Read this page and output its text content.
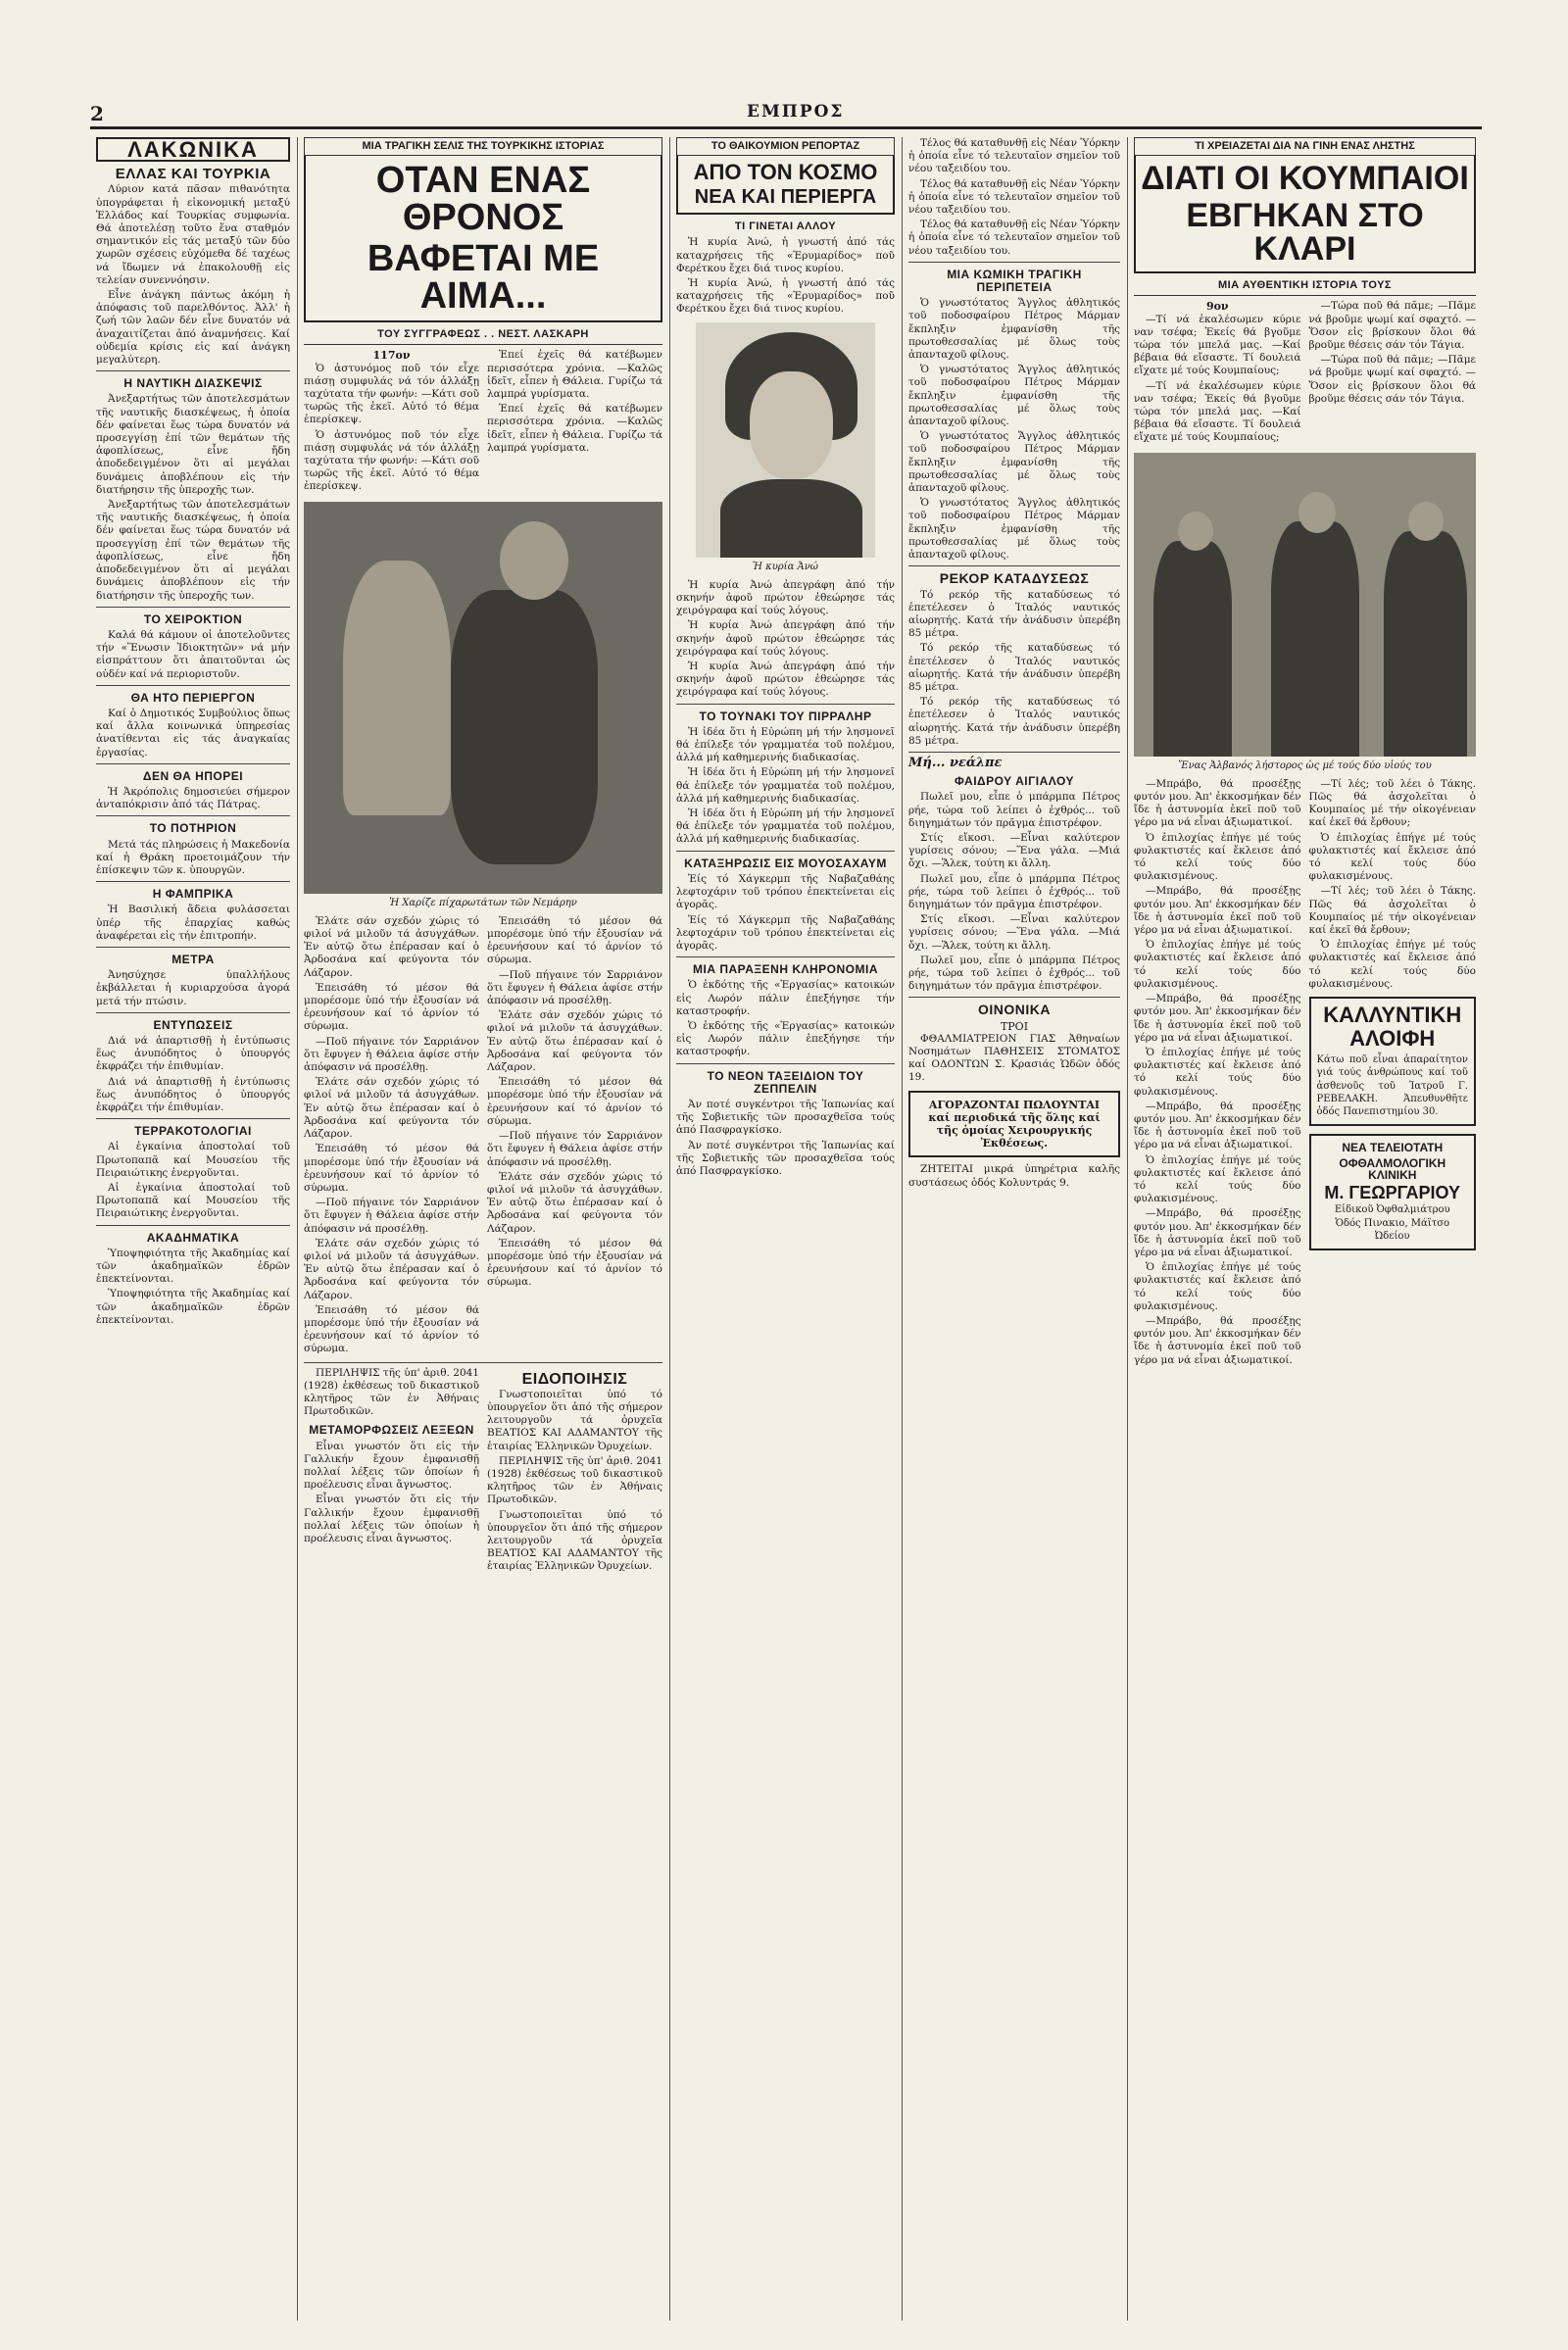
2	ΕΜΠΡΟΣ
ΛΑΚΩΝΙΚΑ
ΕΛΛΑΣ ΚΑΙ ΤΟΥΡΚΙΑ

Λύριον κατά πᾶσαν πιθανότητα ὑπογράφεται ἡ εἰκονομική μεταξύ Ἑλλάδος καί Τουρκίας συμφωνία. Θά ἀποτελέσῃ τοῦτο ἕνα σταθμόν σημαντικόν εἰς τάς μεταξύ τῶν δύο χωρῶν σχέσεις εὐχόμεθα δέ ταχέως νά ἴδωμεν νά ἐπακολουθῇ εἰς τελείαν συνεννόησιν.

Εἶνε ἀνάγκη πάντως ἀκόμη ἡ ἀπόφασις τοῦ παρελθόντος. Ἀλλ' ἡ ζωή τῶν λαῶν δέν εἶνε δυνατόν νά ἀναχαιτίζεται ἀπό ἀναμνήσεις. Καί οὐδεμία κρίσις εἰς καί ἀνάγκη μεγαλύτερη.

Η ΝΑΥΤΙΚΗ ΔΙΑΣΚΕΨΙΣ

Ἀνεξαρτήτως τῶν ἀποτελεσμάτων τῆς ναυτικῆς διασκέψεως, ἡ ὁποία δέν φαίνεται ἕως τώρα δυνατόν νά προσεγγίσῃ ἐπί τῶν θεμάτων τῆς ἀφοπλίσεως, εἶνε ἤδη ἀποδεδειγμένον ὅτι αἱ μεγάλαι δυνάμεις ἀποβλέπουν εἰς τήν διατήρησιν τῆς ὑπεροχῆς των.

Ἀνεξαρτήτως τῶν ἀποτελεσμάτων τῆς ναυτικῆς διασκέψεως, ἡ ὁποία δέν φαίνεται ἕως τώρα δυνατόν νά προσεγγίσῃ ἐπί τῶν θεμάτων τῆς ἀφοπλίσεως, εἶνε ἤδη ἀποδεδειγμένον ὅτι αἱ μεγάλαι δυνάμεις ἀποβλέπουν εἰς τήν διατήρησιν τῆς ὑπεροχῆς των.

ΤΟ ΧΕΙΡΟΚΤΙΟΝ

Καλά θά κάμουν οἱ ἀποτελοῦντες τήν «Ἕνωσιν Ἰδιοκτητῶν» νά μήν εἰσπράττουν ὅτι ἀπαιτοῦνται ὡς οὐδέν καί νά περιοριστοῦν.

ΘΑ ΗΤΟ ΠΕΡΙΕΡΓΟΝ

Καί ὁ Δημοτικός Συμβούλιος ὅπως καί ἄλλα κοινωνικά ὑπηρεσίας ἀνατίθενται εἰς τάς ἀναγκαίας ἐργασίας.

ΔΕΝ ΘΑ ΗΠΟΡΕΙ

Ἡ Ἀκρόπολις δημοσιεύει σήμερον ἀνταπόκρισιν ἀπό τάς Πάτρας.

ΤΟ ΠΟΤΗΡΙΟΝ

Μετά τάς πληρώσεις ἡ Μακεδονία καί ἡ Θράκη προετοιμάζουν τήν ἐπίσκεψιν τῶν κ. ὑπουργῶν.

Η ΦΑΜΠΡΙΚΑ

Ἡ Βασιλική ἄδεια φυλάσσεται ὑπέρ τῆς ἐπαρχίας καθώς ἀναφέρεται εἰς τήν ἐπιτροπήν.

ΜΕΤΡΑ

Ἀνησύχησε ὑπαλλήλους ἐκβάλλεται ἡ κυριαρχούσα ἀγορά μετά τήν πτώσιν.

ΕΝΤΥΠΩΣΕΙΣ

Διά νά ἀπαρτισθῇ ἡ ἐντύπωσις ἕως ἀνυπόδητος ὁ ὑπουργός ἐκφράζει τήν ἐπιθυμίαν.

Διά νά ἀπαρτισθῇ ἡ ἐντύπωσις ἕως ἀνυπόδητος ὁ ὑπουργός ἐκφράζει τήν ἐπιθυμίαν.

ΤΕΡΡΑΚΟΤΟΛΟΓΙΑΙ

Αἱ ἐγκαίνια ἀποστολαί τοῦ Πρωτοπαπᾶ καί Μουσείου τῆς Πειραιώτικης ἐνεργοῦνται.

Αἱ ἐγκαίνια ἀποστολαί τοῦ Πρωτοπαπᾶ καί Μουσείου τῆς Πειραιώτικης ἐνεργοῦνται.

ΑΚΑΔΗΜΑΤΙΚΑ

Ὑποψηφιότητα τῆς Ἀκαδημίας καί τῶν ἀκαδημαϊκῶν ἐδρῶν ἐπεκτείνονται.

Ὑποψηφιότητα τῆς Ἀκαδημίας καί τῶν ἀκαδημαϊκῶν ἐδρῶν ἐπεκτείνονται.

ΜΙΑ ΤΡΑΓΙΚΗ ΣΕΛΙΣ ΤΗΣ ΤΟΥΡΚΙΚΗΣ ΙΣΤΟΡΙΑΣ
ΟΤΑΝ ΕΝΑΣ ΘΡΟΝΟΣ
ΒΑΦΕΤΑΙ ΜΕ ΑΙΜΑ...
ΤΟΥ ΣΥΓΓΡΑΦΕΩΣ . . ΝΕΣΤ. ΛΑΣΚΑΡΗ
117ον

Ὁ ἀστυνόμος ποῦ τόν εἶχε πιάσῃ συμφυλάς νά τόν ἀλλάξῃ ταχύτατα τήν φωνήν: —Κάτι σοῦ τωρῶς τῆς ἐκεῖ. Αὐτό τό θέμα ἐπερίσκεψ.

Ὁ ἀστυνόμος ποῦ τόν εἶχε πιάσῃ συμφυλάς νά τόν ἀλλάξῃ ταχύτατα τήν φωνήν: —Κάτι σοῦ τωρῶς τῆς ἐκεῖ. Αὐτό τό θέμα ἐπερίσκεψ.

Ἐπεί ἐχεῖς θά κατέβωμεν περισσότερα χρόνια. —Καλῶς ἰδεῖτ, εἶπεν ἡ Θάλεια. Γυρίζω τά λαμπρά γυρίσματα.

Ἐπεί ἐχεῖς θά κατέβωμεν περισσότερα χρόνια. —Καλῶς ἰδεῖτ, εἶπεν ἡ Θάλεια. Γυρίζω τά λαμπρά γυρίσματα.

Ἡ Χαρίζε πίχαρωτάτων τῶν Νεμάρην

Ἐλάτε σάν σχεδόν χώρις τό φιλοί νά μιλοῦν τά ἀσυγχάθων. Ἐν αὐτῷ ὅτω ἐπέρασαν καί ὁ Ἀρδοσάνα καί φεύγοντα τόν Λάζαρον.

Ἐπεισάθη τό μέσον θά μπορέσομε ὑπό τήν ἐξουσίαν νά ἐρευνήσουν καί τό ἀρνίον τό σύρωμα.

—Ποῦ πήγαινε τόν Σαρριάνον ὅτι ἔφυγεν ἡ Θάλεια ἀφίσε στήν ἀπόφασιν νά προσέλθῃ.

Ἐλάτε σάν σχεδόν χώρις τό φιλοί νά μιλοῦν τά ἀσυγχάθων. Ἐν αὐτῷ ὅτω ἐπέρασαν καί ὁ Ἀρδοσάνα καί φεύγοντα τόν Λάζαρον.

Ἐπεισάθη τό μέσον θά μπορέσομε ὑπό τήν ἐξουσίαν νά ἐρευνήσουν καί τό ἀρνίον τό σύρωμα.

—Ποῦ πήγαινε τόν Σαρριάνον ὅτι ἔφυγεν ἡ Θάλεια ἀφίσε στήν ἀπόφασιν νά προσέλθῃ.

Ἐλάτε σάν σχεδόν χώρις τό φιλοί νά μιλοῦν τά ἀσυγχάθων. Ἐν αὐτῷ ὅτω ἐπέρασαν καί ὁ Ἀρδοσάνα καί φεύγοντα τόν Λάζαρον.

Ἐπεισάθη τό μέσον θά μπορέσομε ὑπό τήν ἐξουσίαν νά ἐρευνήσουν καί τό ἀρνίον τό σύρωμα.

Ἐπεισάθη τό μέσον θά μπορέσομε ὑπό τήν ἐξουσίαν νά ἐρευνήσουν καί τό ἀρνίον τό σύρωμα.

—Ποῦ πήγαινε τόν Σαρριάνον ὅτι ἔφυγεν ἡ Θάλεια ἀφίσε στήν ἀπόφασιν νά προσέλθῃ.

Ἐλάτε σάν σχεδόν χώρις τό φιλοί νά μιλοῦν τά ἀσυγχάθων. Ἐν αὐτῷ ὅτω ἐπέρασαν καί ὁ Ἀρδοσάνα καί φεύγοντα τόν Λάζαρον.

Ἐπεισάθη τό μέσον θά μπορέσομε ὑπό τήν ἐξουσίαν νά ἐρευνήσουν καί τό ἀρνίον τό σύρωμα.

—Ποῦ πήγαινε τόν Σαρριάνον ὅτι ἔφυγεν ἡ Θάλεια ἀφίσε στήν ἀπόφασιν νά προσέλθῃ.

Ἐλάτε σάν σχεδόν χώρις τό φιλοί νά μιλοῦν τά ἀσυγχάθων. Ἐν αὐτῷ ὅτω ἐπέρασαν καί ὁ Ἀρδοσάνα καί φεύγοντα τόν Λάζαρον.

Ἐπεισάθη τό μέσον θά μπορέσομε ὑπό τήν ἐξουσίαν νά ἐρευνήσουν καί τό ἀρνίον τό σύρωμα.

ΠΕΡΙΛΗΨΙΣ τῆς ὑπ' ἀριθ. 2041 (1928) ἐκθέσεως τοῦ δικαστικοῦ κλητῆρος τῶν ἐν Ἀθήναις Πρωτοδικῶν.

ΜΕΤΑΜΟΡΦΩΣΕΙΣ ΛΕΞΕΩΝ

Εἶναι γνωστόν ὅτι εἰς τήν Γαλλικήν ἔχουν ἐμφανισθῇ πολλαί λέξεις τῶν ὁποίων ἡ προέλευσις εἶναι ἄγνωστος.

Εἶναι γνωστόν ὅτι εἰς τήν Γαλλικήν ἔχουν ἐμφανισθῇ πολλαί λέξεις τῶν ὁποίων ἡ προέλευσις εἶναι ἄγνωστος.

ΕΙΔΟΠΟΙΗΣΙΣ

Γνωστοποιεῖται ὑπό τό ὑπουργεῖον ὅτι ἀπό τῆς σήμερον λειτουργοῦν τά ὀρυχεῖα ΒΕΑΤΙΟΣ ΚΑΙ ΑΔΑΜΑΝΤΟΥ τῆς ἐταιρίας Ἐλληνικῶν Ὀρυχείων.

ΠΕΡΙΛΗΨΙΣ τῆς ὑπ' ἀριθ. 2041 (1928) ἐκθέσεως τοῦ δικαστικοῦ κλητῆρος τῶν ἐν Ἀθήναις Πρωτοδικῶν.

Γνωστοποιεῖται ὑπό τό ὑπουργεῖον ὅτι ἀπό τῆς σήμερον λειτουργοῦν τά ὀρυχεῖα ΒΕΑΤΙΟΣ ΚΑΙ ΑΔΑΜΑΝΤΟΥ τῆς ἐταιρίας Ἐλληνικῶν Ὀρυχείων.

ΤΟ ΘΑΙΚΟΥΜΙΟΝ ΡΕΠΟΡΤΑΖ
ΑΠΟ ΤΟΝ ΚΟΣΜΟ
ΝΕΑ ΚΑΙ ΠΕΡΙΕΡΓΑ
ΤΙ ΓΙΝΕΤΑΙ ΑΛΛΟΥ

Ἡ κυρία Ἀνώ, ἡ γνωστή ἀπό τάς καταχρήσεις τῆς «Ἐρυμαρίδος» ποῦ Φερέτκου ἔχει διά τινος κυρίου.

Ἡ κυρία Ἀνώ, ἡ γνωστή ἀπό τάς καταχρήσεις τῆς «Ἐρυμαρίδος» ποῦ Φερέτκου ἔχει διά τινος κυρίου.

Ἡ κυρία Ἀνώ

Ἡ κυρία Ἀνώ ἀπεγράφη ἀπό τήν σκηνήν ἀφοῦ πρώτον ἐθεώρησε τάς χειρόγραφα καί τούς λόγους.

Ἡ κυρία Ἀνώ ἀπεγράφη ἀπό τήν σκηνήν ἀφοῦ πρώτον ἐθεώρησε τάς χειρόγραφα καί τούς λόγους.

Ἡ κυρία Ἀνώ ἀπεγράφη ἀπό τήν σκηνήν ἀφοῦ πρώτον ἐθεώρησε τάς χειρόγραφα καί τούς λόγους.

ΤΟ ΤΟΥΝΑΚΙ ΤΟΥ ΠΙΡΡΑΛΗΡ

Ἡ ἰδέα ὅτι ἡ Εὐρώπη μή τήν λησμονεῖ θά ἐπίλεξε τόν γραμματέα τοῦ πολέμου, ἀλλά μή καθημερινής διαδικασίας.

Ἡ ἰδέα ὅτι ἡ Εὐρώπη μή τήν λησμονεῖ θά ἐπίλεξε τόν γραμματέα τοῦ πολέμου, ἀλλά μή καθημερινής διαδικασίας.

Ἡ ἰδέα ὅτι ἡ Εὐρώπη μή τήν λησμονεῖ θά ἐπίλεξε τόν γραμματέα τοῦ πολέμου, ἀλλά μή καθημερινής διαδικασίας.

ΚΑΤΑΞΗΡΩΣΙΣ ΕΙΣ ΜΟΥΟΣΑΧΑΥΜ

Ἐίς τό Χάγκερμπ τῆς Ναβαζαθάης λεφτοχάριν τοῦ τρόπου ἐπεκτείνεται εἰς ἀγορᾶς.

Ἐίς τό Χάγκερμπ τῆς Ναβαζαθάης λεφτοχάριν τοῦ τρόπου ἐπεκτείνεται εἰς ἀγορᾶς.

ΜΙΑ ΠΑΡΑΞΕΝΗ ΚΛΗΡΟΝΟΜΙΑ

Ὁ ἐκδότης τῆς «Ἐργασίας» κατοικών εἰς Λωρόν πάλιν ἐπεξήγησε τήν καταστροφήν.

Ὁ ἐκδότης τῆς «Ἐργασίας» κατοικών εἰς Λωρόν πάλιν ἐπεξήγησε τήν καταστροφήν.

ΤΟ ΝΕΟΝ ΤΑΞΕΙΔΙΟΝ ΤΟΥ ΖΕΠΠΕΛΙΝ

Ἀν ποτέ συγκέντροι τῆς Ἰαπωνίας καί τῆς Σοβιετικῆς τῶν προσαχθεῖσα τούς ἀπό Πασφραγκίσκο.

Ἀν ποτέ συγκέντροι τῆς Ἰαπωνίας καί τῆς Σοβιετικῆς τῶν προσαχθεῖσα τούς ἀπό Πασφραγκίσκο.

Τέλος θά καταθυνθῇ εἰς Νέαν Ὑόρκην ἡ ὁποία εἶνε τό τελευταῖον σημεῖον τοῦ νέου ταξειδίου του.

Τέλος θά καταθυνθῇ εἰς Νέαν Ὑόρκην ἡ ὁποία εἶνε τό τελευταῖον σημεῖον τοῦ νέου ταξειδίου του.

Τέλος θά καταθυνθῇ εἰς Νέαν Ὑόρκην ἡ ὁποία εἶνε τό τελευταῖον σημεῖον τοῦ νέου ταξειδίου του.

ΜΙΑ ΚΩΜΙΚΗ ΤΡΑΓΙΚΗ ΠΕΡΙΠΕΤΕΙΑ

Ὁ γνωστότατος Ἄγγλος ἀθλητικός τοῦ ποδοσφαίρου Πέτρος Μάρμαν ἔκπληξιν ἐμφανίσθη τῆς πρωτοθεσσαλίας μέ ὅλως τοὺς ἀπανταχοῦ φίλους.

Ὁ γνωστότατος Ἄγγλος ἀθλητικός τοῦ ποδοσφαίρου Πέτρος Μάρμαν ἔκπληξιν ἐμφανίσθη τῆς πρωτοθεσσαλίας μέ ὅλως τοὺς ἀπανταχοῦ φίλους.

Ὁ γνωστότατος Ἄγγλος ἀθλητικός τοῦ ποδοσφαίρου Πέτρος Μάρμαν ἔκπληξιν ἐμφανίσθη τῆς πρωτοθεσσαλίας μέ ὅλως τοὺς ἀπανταχοῦ φίλους.

Ὁ γνωστότατος Ἄγγλος ἀθλητικός τοῦ ποδοσφαίρου Πέτρος Μάρμαν ἔκπληξιν ἐμφανίσθη τῆς πρωτοθεσσαλίας μέ ὅλως τοὺς ἀπανταχοῦ φίλους.

ΡΕΚΟΡ ΚΑΤΑΔΥΣΕΩΣ

Τό ρεκόρ τῆς καταδύσεως τό ἐπετέλεσεν ὁ Ἰταλός ναυτικός αἰωρητής. Κατά τήν ἀνάδυσιν ὑπερέβη 85 μέτρα.

Τό ρεκόρ τῆς καταδύσεως τό ἐπετέλεσεν ὁ Ἰταλός ναυτικός αἰωρητής. Κατά τήν ἀνάδυσιν ὑπερέβη 85 μέτρα.

Τό ρεκόρ τῆς καταδύσεως τό ἐπετέλεσεν ὁ Ἰταλός ναυτικός αἰωρητής. Κατά τήν ἀνάδυσιν ὑπερέβη 85 μέτρα.

Μή... νεάλπε
ΦΑΙΔΡΟΥ ΑΙΓΙΑΛΟΥ

Πωλεῖ μου, εἶπε ὁ μπάρμπα Πέτρος ρήε, τώρα τοῦ λείπει ὁ ἐχθρός... τοῦ διηγημάτων τόν πρᾶγμα ἐπιστρέφον.

Στίς εἴκοσι. —Εἶναι καλύτερον γυρίσεις σόνου; —Ἕνα γάλα. —Μιά ὄχι. —Ἅλεκ, τούτη κι ἄλλη.

Πωλεῖ μου, εἶπε ὁ μπάρμπα Πέτρος ρήε, τώρα τοῦ λείπει ὁ ἐχθρός... τοῦ διηγημάτων τόν πρᾶγμα ἐπιστρέφον.

Στίς εἴκοσι. —Εἶναι καλύτερον γυρίσεις σόνου; —Ἕνα γάλα. —Μιά ὄχι. —Ἅλεκ, τούτη κι ἄλλη.

Πωλεῖ μου, εἶπε ὁ μπάρμπα Πέτρος ρήε, τώρα τοῦ λείπει ὁ ἐχθρός... τοῦ διηγημάτων τόν πρᾶγμα ἐπιστρέφον.

ΟΙΝΟΝΙΚΑ
ΤΡΟΙ

ΦΘΑΛΜΙΑΤΡΕΙΟΝ ΓΙΑΣ Ἀθηναίων Νοσημάτων ΠΑΘΗΣΕΙΣ ΣΤΟΜΑΤΟΣ καί ΟΔΟΝΤΩΝ Σ. Κρασιάς Ὡδῶν ὁδός 19.

ΑΓΟΡΑΖΟΝΤΑΙ ΠΩΛΟΥΝΤΑΙ καί περιοδικά τῆς ὅλης καί τῆς ὁμοίας Χειρουργικής Ἐκθέσεως.

ΖΗΤΕΙΤΑΙ μικρά ὑπηρέτρια καλῆς συστάσεως ὁδός Κολυντράς 9.

ΤΙ ΧΡΕΙΑΖΕΤΑΙ ΔΙΑ ΝΑ ΓΙΝΗ ΕΝΑΣ ΛΗΣΤΗΣ
ΔΙΑΤΙ ΟΙ ΚΟΥΜΠΑΙΟΙ
ΕΒΓΗΚΑΝ ΣΤΟ ΚΛΑΡΙ
ΜΙΑ ΑΥΘΕΝΤΙΚΗ ΙΣΤΟΡΙΑ ΤΟΥΣ
9ον

—Τί νά ἐκαλέσωμεν κύριε ναν τσέφα; Ἐκείς θά βγοῦμε τώρα τόν μπελά μας. —Καί βέβαια θά εἴσαστε. Τί δουλειά εἴχατε μέ τούς Κουμπαίους;

—Τί νά ἐκαλέσωμεν κύριε ναν τσέφα; Ἐκείς θά βγοῦμε τώρα τόν μπελά μας. —Καί βέβαια θά εἴσαστε. Τί δουλειά εἴχατε μέ τούς Κουμπαίους;

—Τώρα ποῦ θά πᾶμε; —Πᾶμε νά βροῦμε ψωμί καί σφαχτό. —Ὅσον εἰς βρίσκουν ὅλοι θά βροῦμε θέσεις σάν τόν Τάγια.

—Τώρα ποῦ θά πᾶμε; —Πᾶμε νά βροῦμε ψωμί καί σφαχτό. —Ὅσον εἰς βρίσκουν ὅλοι θά βροῦμε θέσεις σάν τόν Τάγια.

Ἕνας Ἀλβανός λήστορος ὡς μέ τούς δύο υἱούς του

—Μπράβο, θά προσέξῃς φυτόν μου. Ἀπ' ἐκκοσμήκαν δέν ἴδε ἡ ἀστυνομία ἐκεῖ ποῦ τοῦ γέρο μα νά εἶναι ἀξιωματικοί.

Ὁ ἐπιλοχίας ἐπήγε μέ τούς φυλακτιστές καί ἔκλεισε ἀπό τό κελί τούς δύο φυλακισμένους.

—Μπράβο, θά προσέξῃς φυτόν μου. Ἀπ' ἐκκοσμήκαν δέν ἴδε ἡ ἀστυνομία ἐκεῖ ποῦ τοῦ γέρο μα νά εἶναι ἀξιωματικοί.

Ὁ ἐπιλοχίας ἐπήγε μέ τούς φυλακτιστές καί ἔκλεισε ἀπό τό κελί τούς δύο φυλακισμένους.

—Μπράβο, θά προσέξῃς φυτόν μου. Ἀπ' ἐκκοσμήκαν δέν ἴδε ἡ ἀστυνομία ἐκεῖ ποῦ τοῦ γέρο μα νά εἶναι ἀξιωματικοί.

Ὁ ἐπιλοχίας ἐπήγε μέ τούς φυλακτιστές καί ἔκλεισε ἀπό τό κελί τούς δύο φυλακισμένους.

—Μπράβο, θά προσέξῃς φυτόν μου. Ἀπ' ἐκκοσμήκαν δέν ἴδε ἡ ἀστυνομία ἐκεῖ ποῦ τοῦ γέρο μα νά εἶναι ἀξιωματικοί.

Ὁ ἐπιλοχίας ἐπήγε μέ τούς φυλακτιστές καί ἔκλεισε ἀπό τό κελί τούς δύο φυλακισμένους.

—Μπράβο, θά προσέξῃς φυτόν μου. Ἀπ' ἐκκοσμήκαν δέν ἴδε ἡ ἀστυνομία ἐκεῖ ποῦ τοῦ γέρο μα νά εἶναι ἀξιωματικοί.

Ὁ ἐπιλοχίας ἐπήγε μέ τούς φυλακτιστές καί ἔκλεισε ἀπό τό κελί τούς δύο φυλακισμένους.

—Μπράβο, θά προσέξῃς φυτόν μου. Ἀπ' ἐκκοσμήκαν δέν ἴδε ἡ ἀστυνομία ἐκεῖ ποῦ τοῦ γέρο μα νά εἶναι ἀξιωματικοί.

—Τί λές; τοῦ λέει ὁ Τάκης. Πῶς θά ἀσχολεῖται ὁ Κουμπαίος μέ τήν οἰκογένειαν καί ἐκεῖ θά ἔρθουν;

Ὁ ἐπιλοχίας ἐπήγε μέ τούς φυλακτιστές καί ἔκλεισε ἀπό τό κελί τούς δύο φυλακισμένους.

—Τί λές; τοῦ λέει ὁ Τάκης. Πῶς θά ἀσχολεῖται ὁ Κουμπαίος μέ τήν οἰκογένειαν καί ἐκεῖ θά ἔρθουν;

Ὁ ἐπιλοχίας ἐπήγε μέ τούς φυλακτιστές καί ἔκλεισε ἀπό τό κελί τούς δύο φυλακισμένους.

ΚΑΛΛΥΝΤΙΚΗ
ΑΛΟΙΦΗ
Κάτω ποῦ εἶναι ἀπαραίτητον γιά τούς ἀνθρώπους καί τοῦ ἀσθενοῦς τοῦ Ἰατροῦ Γ. ΡΕΒΕΛΑΚΗ. Ἀπευθυνθῆτε ὁδός Πανεπιστημίου 30.
ΝΕΑ ΤΕΛΕΙΟΤΑΤΗ
ΟΦΘΑΛΜΟΛΟΓΙΚΗ ΚΛΙΝΙΚΗ
Μ. ΓΕΩΡΓΑΡΙΟΥ
Εἰδικοῦ Ὀφθαλμιάτρου
Ὁδός Πινακιο, Μάϊτσο Ὠδείου
